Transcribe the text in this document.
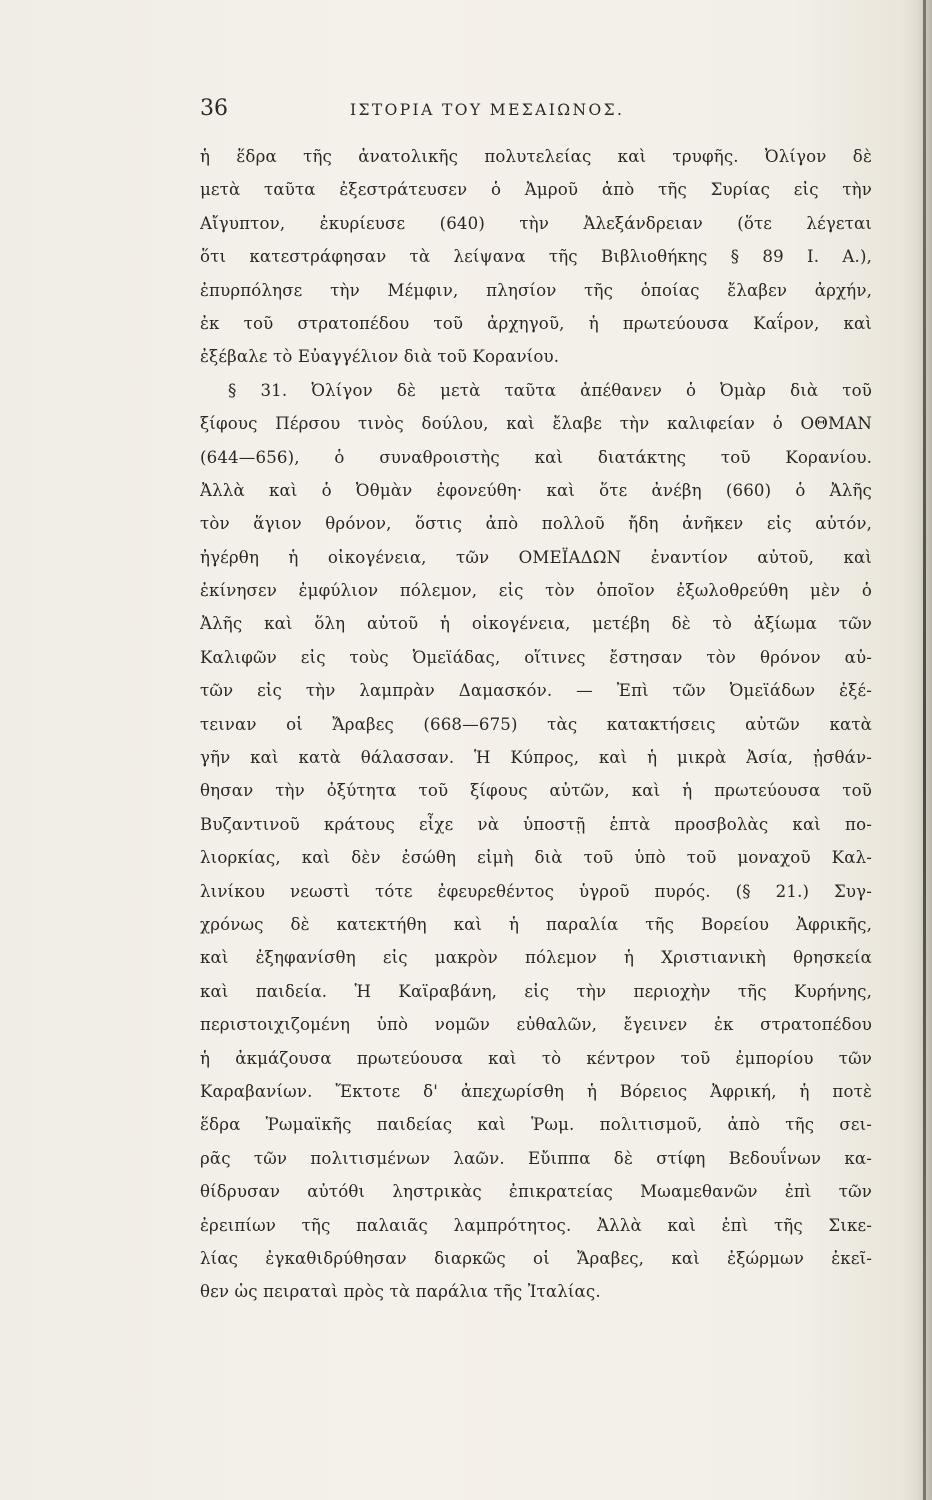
36	ΙΣΤΟΡΙΑ ΤΟΥ ΜΕΣΑΙΩΝΟΣ.
ἡ ἕδρα τῆς ἀνατολικῆς πολυτελείας καὶ τρυφῆς. Ὀλίγον δὲ
μετὰ ταῦτα ἐξεστράτευσεν ὁ Ἀμροῦ ἀπὸ τῆς Συρίας εἰς τὴν
Αἴγυπτον, ἐκυρίευσε (640) τὴν Ἀλεξάνδρειαν (ὅτε λέγεται
ὅτι κατεστράφησαν τὰ λείψανα τῆς Βιβλιοθήκης § 89 Ι. Α.),
ἐπυρπόλησε τὴν Μέμφιν, πλησίον τῆς ὁποίας ἔλαβεν ἀρχήν,
ἐκ τοῦ στρατοπέδου τοῦ ἀρχηγοῦ, ἡ πρωτεύουσα Καΐρον, καὶ
ἐξέβαλε τὸ Εὐαγγέλιον διὰ τοῦ Κορανίου.
§ 31. Ὀλίγον δὲ μετὰ ταῦτα ἀπέθανεν ὁ Ὀμὰρ διὰ τοῦ
ξίφους Πέρσου τινὸς δούλου, καὶ ἔλαβε τὴν καλιφείαν ὁ ΟΘΜΑΝ
(644—656), ὁ συναθροιστὴς καὶ διατάκτης τοῦ Κορανίου.
Ἀλλὰ καὶ ὁ Ὀθμὰν ἐφονεύθη· καὶ ὅτε ἀνέβη (660) ὁ Ἀλῆς
τὸν ἅγιον θρόνον, ὅστις ἀπὸ πολλοῦ ἤδη ἀνῆκεν εἰς αὐτόν,
ἠγέρθη ἡ οἰκογένεια, τῶν ΟΜΕΪΑΔΩΝ ἐναντίον αὐτοῦ, καὶ
ἐκίνησεν ἐμφύλιον πόλεμον, εἰς τὸν ὁποῖον ἐξωλοθρεύθη μὲν ὁ
Ἀλῆς καὶ ὅλη αὐτοῦ ἡ οἰκογένεια, μετέβη δὲ τὸ ἀξίωμα τῶν
Καλιφῶν εἰς τοὺς Ὀμεϊάδας, οἵτινες ἔστησαν τὸν θρόνον αὐ-
τῶν εἰς τὴν λαμπρὰν Δαμασκόν. — Ἐπὶ τῶν Ὀμεϊάδων ἐξέ-
τειναν οἱ Ἄραβες (668—675) τὰς κατακτήσεις αὐτῶν κατὰ
γῆν καὶ κατὰ θάλασσαν. Ἡ Κύπρος, καὶ ἡ μικρὰ Ἀσία, ᾐσθάν-
θησαν τὴν ὀξύτητα τοῦ ξίφους αὐτῶν, καὶ ἡ πρωτεύουσα τοῦ
Βυζαντινοῦ κράτους εἶχε νὰ ὑποστῇ ἑπτὰ προσβολὰς καὶ πο-
λιορκίας, καὶ δὲν ἐσώθη εἰμὴ διὰ τοῦ ὑπὸ τοῦ μοναχοῦ Καλ-
λινίκου νεωστὶ τότε ἐφευρεθέντος ὑγροῦ πυρός. (§ 21.) Συγ-
χρόνως δὲ κατεκτήθη καὶ ἡ παραλία τῆς Βορείου Ἀφρικῆς,
καὶ ἐξηφανίσθη εἰς μακρὸν πόλεμον ἡ Χριστιανικὴ θρησκεία
καὶ παιδεία. Ἡ Καϊραβάνη, εἰς τὴν περιοχὴν τῆς Κυρήνης,
περιστοιχιζομένη ὑπὸ νομῶν εὐθαλῶν, ἔγεινεν ἐκ στρατοπέδου
ἡ ἀκμάζουσα πρωτεύουσα καὶ τὸ κέντρον τοῦ ἐμπορίου τῶν
Καραβανίων. Ἔκτοτε δ' ἀπεχωρίσθη ἡ Βόρειος Ἀφρική, ἡ ποτὲ
ἕδρα Ῥωμαϊκῆς παιδείας καὶ Ῥωμ. πολιτισμοῦ, ἀπὸ τῆς σει-
ρᾶς τῶν πολιτισμένων λαῶν. Εὔιππα δὲ στίφη Βεδουΐνων κα-
θίδρυσαν αὐτόθι ληστρικὰς ἐπικρατείας Μωαμεθανῶν ἐπὶ τῶν
ἐρειπίων τῆς παλαιᾶς λαμπρότητος. Ἀλλὰ καὶ ἐπὶ τῆς Σικε-
λίας ἐγκαθιδρύθησαν διαρκῶς οἱ Ἄραβες, καὶ ἐξώρμων ἐκεῖ-
θεν ὡς πειραταὶ πρὸς τὰ παράλια τῆς Ἰταλίας.
